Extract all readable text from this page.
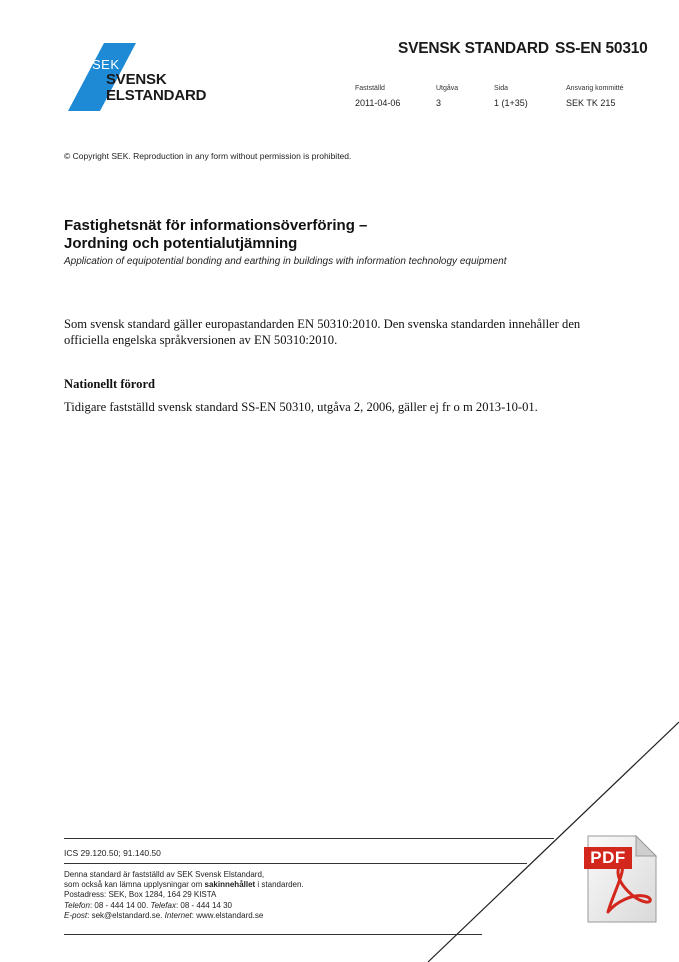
SEK
SVENSK
ELSTANDARD
SVENSK STANDARD SS-EN 50310
Fastställd
2011-04-06
Utgåva
3
Sida
1 (1+35)
Ansvarig kommitté
SEK TK 215
© Copyright SEK. Reproduction in any form without permission is prohibited.
Fastighetsnät för informationsöverföring –
Jordning och potentialutjämning
Application of equipotential bonding and earthing in buildings with information technology equipment
Som svensk standard gäller europastandarden EN 50310:2010. Den svenska standarden innehåller den officiella engelska språkversionen av EN 50310:2010.
Nationellt förord
Tidigare fastställd svensk standard SS-EN 50310, utgåva 2, 2006, gäller ej fr o m 2013-10-01.
ICS 29.120.50; 91.140.50
Denna standard är fastställd av SEK Svensk Elstandard,
som också kan lämna upplysningar om sakinnehållet i standarden.
Postadress: SEK, Box 1284, 164 29 KISTA
Telefon: 08 - 444 14 00. Telefax: 08 - 444 14 30
E-post: sek@elstandard.se. Internet: www.elstandard.se
PDF
